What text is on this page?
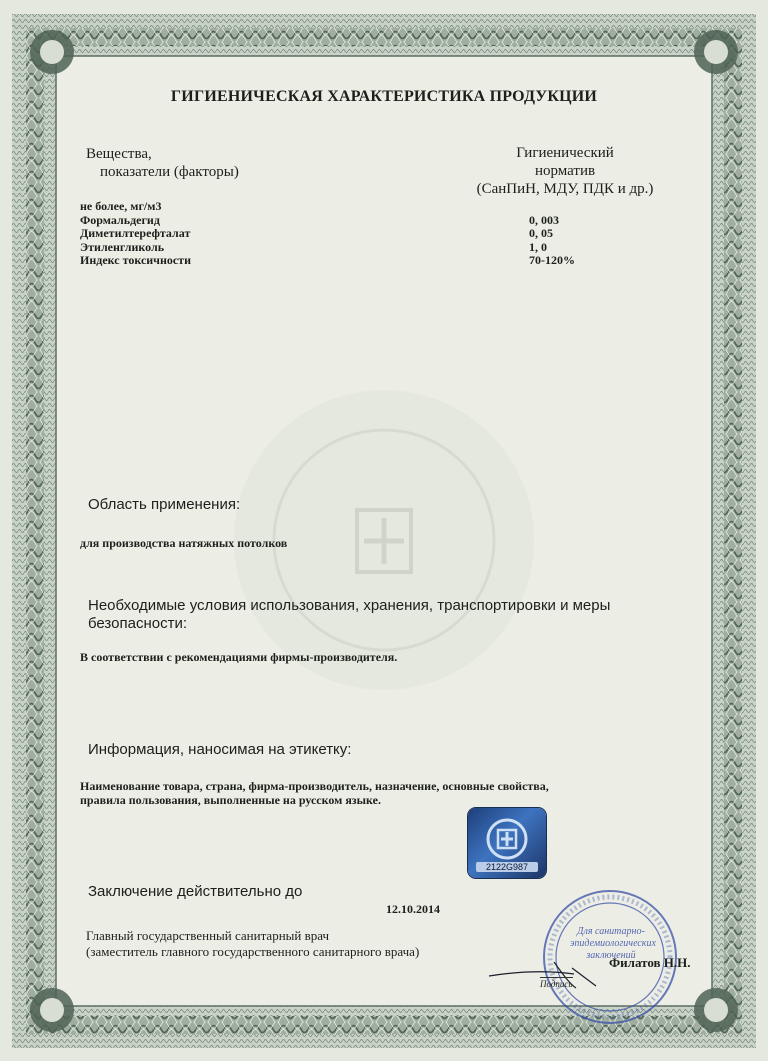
ГИГИЕНИЧЕСКАЯ ХАРАКТЕРИСТИКА ПРОДУКЦИИ
Вещества,
показатели (факторы)
Гигиенический
норматив
(СанПиН, МДУ, ПДК и др.)
не более, мг/м3
Формальдегид
Диметилтерефталат
Этиленгликоль
Индекс токсичности
0, 003
0, 05
1, 0
70-120%
Область применения:
для производства натяжных потолков
Необходимые условия использования, хранения, транспортировки и меры
безопасности:
В соответствии с рекомендациями фирмы-производителя.
Информация, наносимая на этикетку:
Наименование товара, страна, фирма-производитель, назначение, основные свойства,
правила пользования, выполненные на русском языке.
2122G987
Заключение действительно до
12.10.2014
Главный государственный санитарный врач
(заместитель главного государственного санитарного врача)
Для санитарно-эпидемиологических заключений
Филатов Н.Н.
Подпись
